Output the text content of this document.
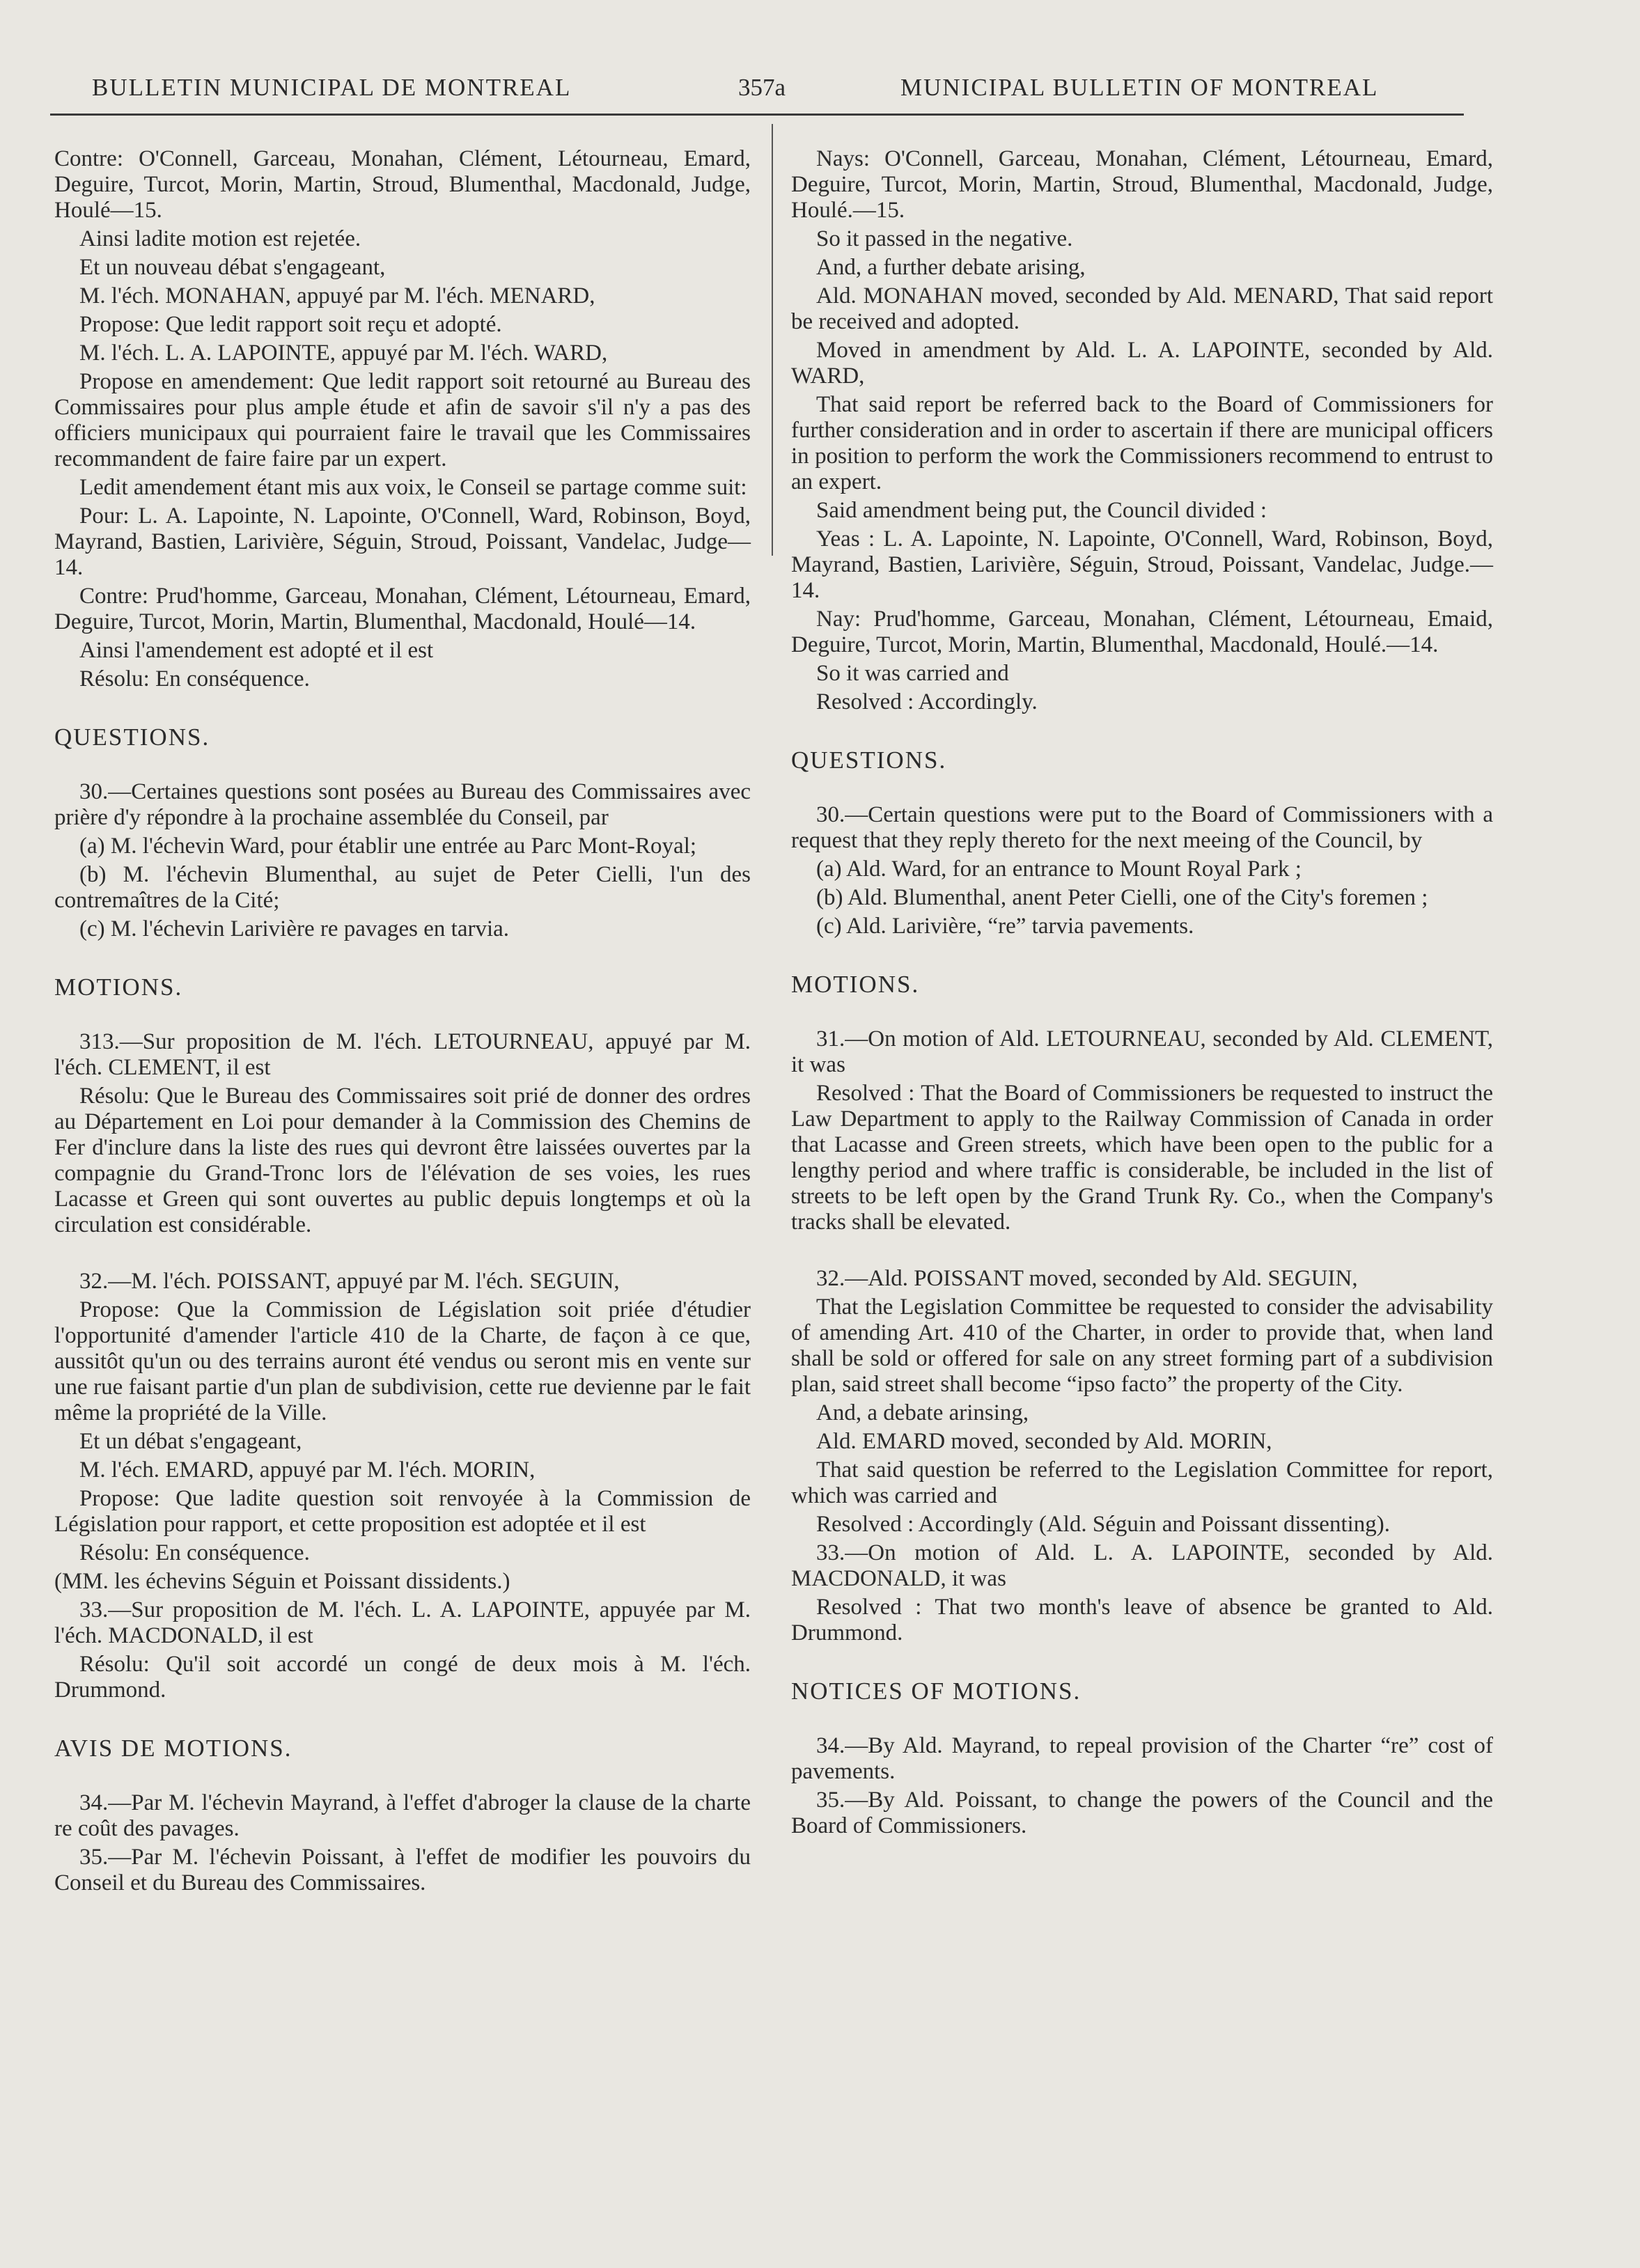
BULLETIN MUNICIPAL DE MONTREAL	357a	MUNICIPAL BULLETIN OF MONTREAL

Contre: O'Connell, Garceau, Monahan, Clément, Létourneau, Emard, Deguire, Turcot, Morin, Martin, Stroud, Blumenthal, Macdonald, Judge, Houlé—15.

Ainsi ladite motion est rejetée.

Et un nouveau débat s'engageant,

M. l'éch. MONAHAN, appuyé par M. l'éch. MENARD,

Propose: Que ledit rapport soit reçu et adopté.

M. l'éch. L. A. LAPOINTE, appuyé par M. l'éch. WARD,

Propose en amendement: Que ledit rapport soit retourné au Bureau des Commissaires pour plus ample étude et afin de savoir s'il n'y a pas des officiers municipaux qui pourraient faire le travail que les Commissaires recommandent de faire faire par un expert.

Ledit amendement étant mis aux voix, le Conseil se partage comme suit:

Pour: L. A. Lapointe, N. Lapointe, O'Connell, Ward, Robinson, Boyd, Mayrand, Bastien, Larivière, Séguin, Stroud, Poissant, Vandelac, Judge—14.

Contre: Prud'homme, Garceau, Monahan, Clément, Létourneau, Emard, Deguire, Turcot, Morin, Martin, Blumenthal, Macdonald, Houlé—14.

Ainsi l'amendement est adopté et il est

Résolu: En conséquence.

QUESTIONS.

30.—Certaines questions sont posées au Bureau des Commissaires avec prière d'y répondre à la prochaine assemblée du Conseil, par

(a) M. l'échevin Ward, pour établir une entrée au Parc Mont-Royal;

(b) M. l'échevin Blumenthal, au sujet de Peter Cielli, l'un des contremaîtres de la Cité;

(c) M. l'échevin Larivière re pavages en tarvia.

MOTIONS.

313.—Sur proposition de M. l'éch. LETOURNEAU, appuyé par M. l'éch. CLEMENT, il est

Résolu: Que le Bureau des Commissaires soit prié de donner des ordres au Département en Loi pour demander à la Commission des Chemins de Fer d'inclure dans la liste des rues qui devront être laissées ouvertes par la compagnie du Grand-Tronc lors de l'élévation de ses voies, les rues Lacasse et Green qui sont ouvertes au public depuis longtemps et où la circulation est considérable.

32.—M. l'éch. POISSANT, appuyé par M. l'éch. SEGUIN,

Propose: Que la Commission de Législation soit priée d'étudier l'opportunité d'amender l'article 410 de la Charte, de façon à ce que, aussitôt qu'un ou des terrains auront été vendus ou seront mis en vente sur une rue faisant partie d'un plan de subdivision, cette rue devienne par le fait même la propriété de la Ville.

Et un débat s'engageant,

M. l'éch. EMARD, appuyé par M. l'éch. MORIN,

Propose: Que ladite question soit renvoyée à la Commission de Législation pour rapport, et cette proposition est adoptée et il est

Résolu: En conséquence.

(MM. les échevins Séguin et Poissant dissidents.)

33.—Sur proposition de M. l'éch. L. A. LAPOINTE, appuyée par M. l'éch. MACDONALD, il est

Résolu: Qu'il soit accordé un congé de deux mois à M. l'éch. Drummond.

AVIS DE MOTIONS.

34.—Par M. l'échevin Mayrand, à l'effet d'abroger la clause de la charte re coût des pavages.

35.—Par M. l'échevin Poissant, à l'effet de modifier les pouvoirs du Conseil et du Bureau des Commissaires.

Nays: O'Connell, Garceau, Monahan, Clément, Létourneau, Emard, Deguire, Turcot, Morin, Martin, Stroud, Blumenthal, Macdonald, Judge, Houlé.—15.

So it passed in the negative.

And, a further debate arising,

Ald. MONAHAN moved, seconded by Ald. MENARD, That said report be received and adopted.

Moved in amendment by Ald. L. A. LAPOINTE, seconded by Ald. WARD,

That said report be referred back to the Board of Commissioners for further consideration and in order to ascertain if there are municipal officers in position to perform the work the Commissioners recommend to entrust to an expert.

Said amendment being put, the Council divided :

Yeas : L. A. Lapointe, N. Lapointe, O'Connell, Ward, Robinson, Boyd, Mayrand, Bastien, Larivière, Séguin, Stroud, Poissant, Vandelac, Judge.—14.

Nay: Prud'homme, Garceau, Monahan, Clément, Létourneau, Emaid, Deguire, Turcot, Morin, Martin, Blumenthal, Macdonald, Houlé.—14.

So it was carried and

Resolved : Accordingly.

QUESTIONS.

30.—Certain questions were put to the Board of Commissioners with a request that they reply thereto for the next meeing of the Council, by

(a) Ald. Ward, for an entrance to Mount Royal Park ;

(b) Ald. Blumenthal, anent Peter Cielli, one of the City's foremen ;

(c) Ald. Larivière, “re” tarvia pavements.

MOTIONS.

31.—On motion of Ald. LETOURNEAU, seconded by Ald. CLEMENT, it was

Resolved : That the Board of Commissioners be requested to instruct the Law Department to apply to the Railway Commission of Canada in order that Lacasse and Green streets, which have been open to the public for a lengthy period and where traffic is considerable, be included in the list of streets to be left open by the Grand Trunk Ry. Co., when the Company's tracks shall be elevated.

32.—Ald. POISSANT moved, seconded by Ald. SEGUIN,

That the Legislation Committee be requested to consider the advisability of amending Art. 410 of the Charter, in order to provide that, when land shall be sold or offered for sale on any street forming part of a subdivision plan, said street shall become “ipso facto” the property of the City.

And, a debate arinsing,

Ald. EMARD moved, seconded by Ald. MORIN,

That said question be referred to the Legislation Committee for report, which was carried and

Resolved : Accordingly (Ald. Séguin and Poissant dissenting).

33.—On motion of Ald. L. A. LAPOINTE, seconded by Ald. MACDONALD, it was

Resolved : That two month's leave of absence be granted to Ald. Drummond.

NOTICES OF MOTIONS.

34.—By Ald. Mayrand, to repeal provision of the Charter “re” cost of pavements.

35.—By Ald. Poissant, to change the powers of the Council and the Board of Commissioners.
